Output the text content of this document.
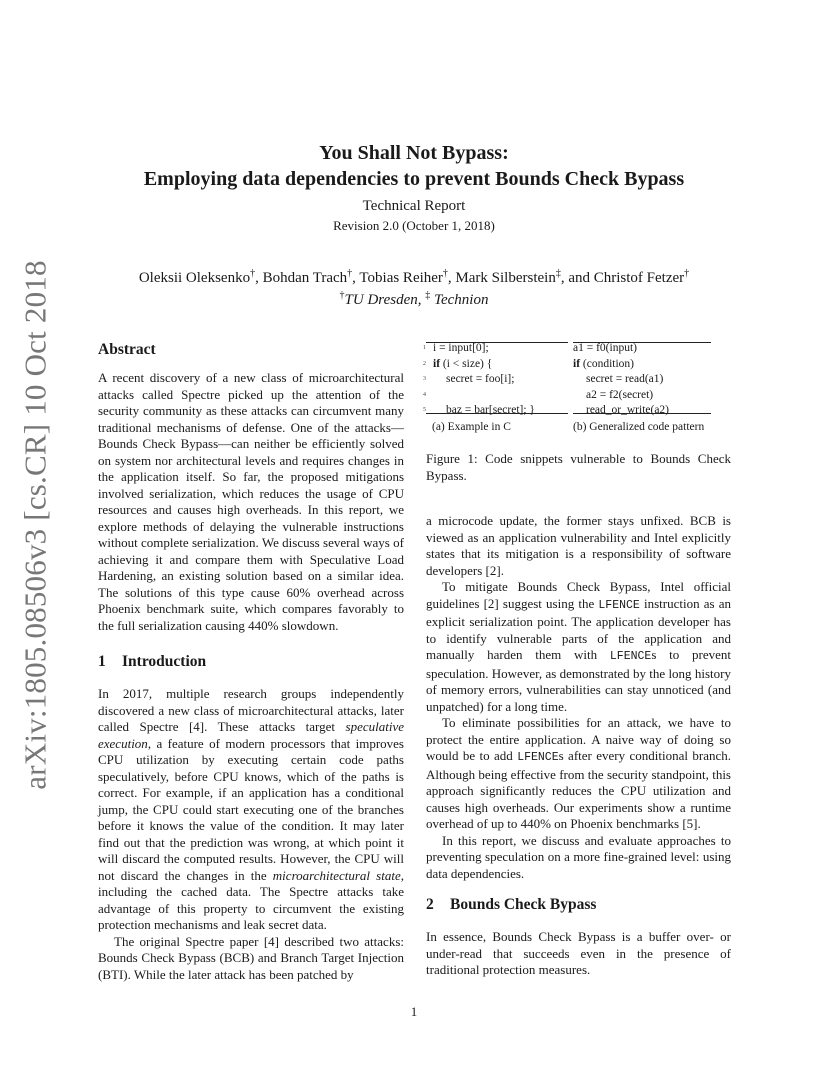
arXiv:1805.08506v3 [cs.CR] 10 Oct 2018
You Shall Not Bypass:
Employing data dependencies to prevent Bounds Check Bypass
Technical Report
Revision 2.0 (October 1, 2018)
Oleksii Oleksenko†, Bohdan Trach†, Tobias Reiher†, Mark Silberstein‡, and Christof Fetzer†
†TU Dresden, ‡ Technion
Abstract

A recent discovery of a new class of microarchitectural attacks called Spectre picked up the attention of the security community as these attacks can circumvent many traditional mechanisms of defense. One of the attacks—Bounds Check Bypass—can neither be efficiently solved on system nor architectural levels and requires changes in the application itself. So far, the proposed mitigations involved serialization, which reduces the usage of CPU resources and causes high overheads. In this report, we explore methods of delaying the vulnerable instructions without complete serialization. We discuss several ways of achieving it and compare them with Speculative Load Hardening, an existing solution based on a similar idea. The solutions of this type cause 60% overhead across Phoenix benchmark suite, which compares favorably to the full serialization causing 440% slowdown.

1 Introduction

In 2017, multiple research groups independently discovered a new class of microarchitectural attacks, later called Spectre [4]. These attacks target speculative execution, a feature of modern processors that improves CPU utilization by executing certain code paths speculatively, before CPU knows, which of the paths is correct. For example, if an application has a conditional jump, the CPU could start executing one of the branches before it knows the value of the condition. It may later find out that the prediction was wrong, at which point it will discard the computed results. However, the CPU will not discard the changes in the microarchitectural state, including the cached data. The Spectre attacks take advantage of this property to circumvent the existing protection mechanisms and leak secret data.

The original Spectre paper [4] described two attacks: Bounds Check Bypass (BCB) and Branch Target Injection (BTI). While the later attack has been patched by

1 i = input[0];
2 if (i < size) {
3 secret = foo[i];
4
5 baz = bar[secret]; }
a1 = f0(input)
if (condition)
secret = read(a1)
a2 = f2(secret)
read_or_write(a2)
(a) Example in C	(b) Generalized code pattern
Figure 1: Code snippets vulnerable to Bounds Check Bypass.

a microcode update, the former stays unfixed. BCB is viewed as an application vulnerability and Intel explicitly states that its mitigation is a responsibility of software developers [2].

To mitigate Bounds Check Bypass, Intel official guidelines [2] suggest using the LFENCE instruction as an explicit serialization point. The application developer has to identify vulnerable parts of the application and manually harden them with LFENCEs to prevent speculation. However, as demonstrated by the long history of memory errors, vulnerabilities can stay unnoticed (and unpatched) for a long time.

To eliminate possibilities for an attack, we have to protect the entire application. A naive way of doing so would be to add LFENCEs after every conditional branch. Although being effective from the security standpoint, this approach significantly reduces the CPU utilization and causes high overheads. Our experiments show a runtime overhead of up to 440% on Phoenix benchmarks [5].

In this report, we discuss and evaluate approaches to preventing speculation on a more fine-grained level: using data dependencies.

2 Bounds Check Bypass

In essence, Bounds Check Bypass is a buffer over- or under-read that succeeds even in the presence of traditional protection measures.

1
